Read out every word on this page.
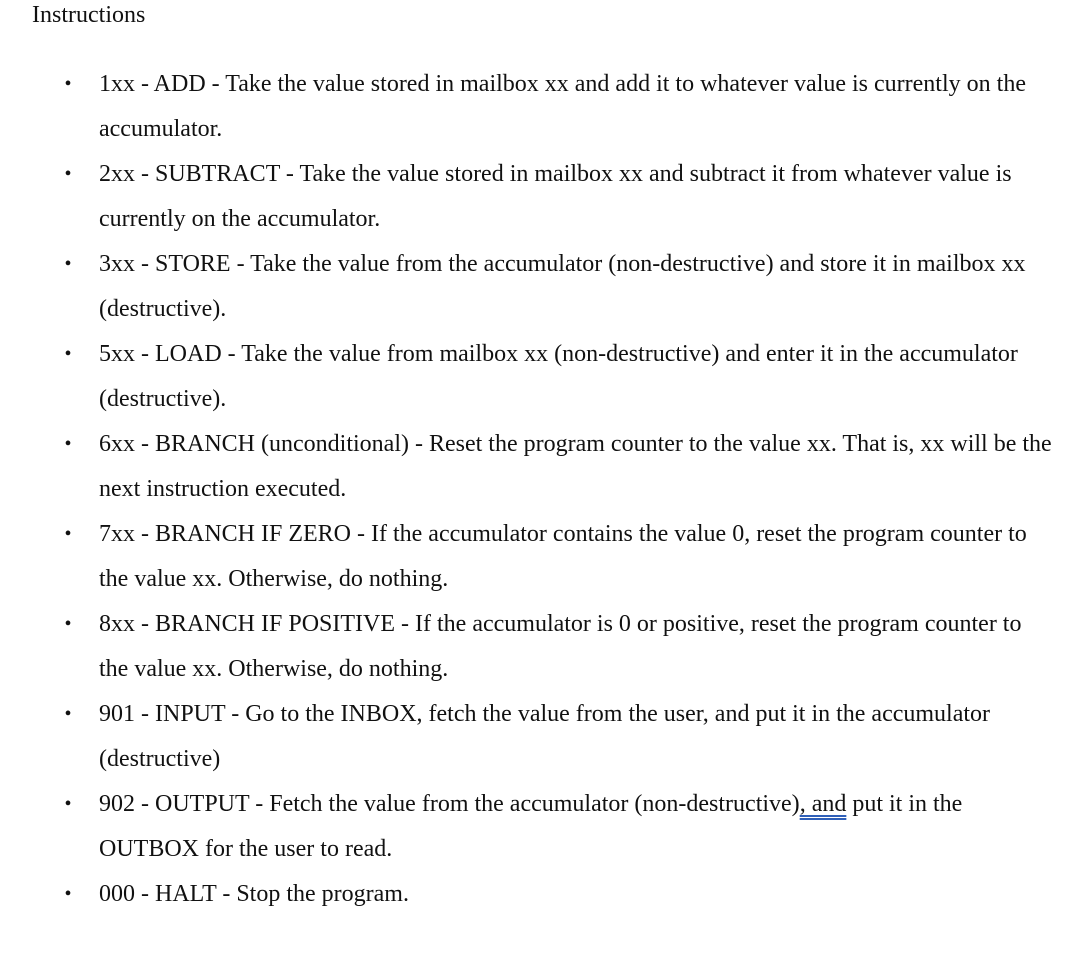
Instructions
• 1xx - ADD - Take the value stored in mailbox xx and add it to whatever value is currently on the accumulator.
• 2xx - SUBTRACT - Take the value stored in mailbox xx and subtract it from whatever value is currently on the accumulator.
• 3xx - STORE - Take the value from the accumulator (non-destructive) and store it in mailbox xx (destructive).
• 5xx - LOAD - Take the value from mailbox xx (non-destructive) and enter it in the accumulator (destructive).
• 6xx - BRANCH (unconditional) - Reset the program counter to the value xx. That is, xx will be the next instruction executed.
• 7xx - BRANCH IF ZERO - If the accumulator contains the value 0, reset the program counter to the value xx. Otherwise, do nothing.
• 8xx - BRANCH IF POSITIVE - If the accumulator is 0 or positive, reset the program counter to the value xx. Otherwise, do nothing.
• 901 - INPUT - Go to the INBOX, fetch the value from the user, and put it in the accumulator (destructive)
• 902 - OUTPUT - Fetch the value from the accumulator (non-destructive), and put it in the OUTBOX for the user to read.
• 000 - HALT - Stop the program.
